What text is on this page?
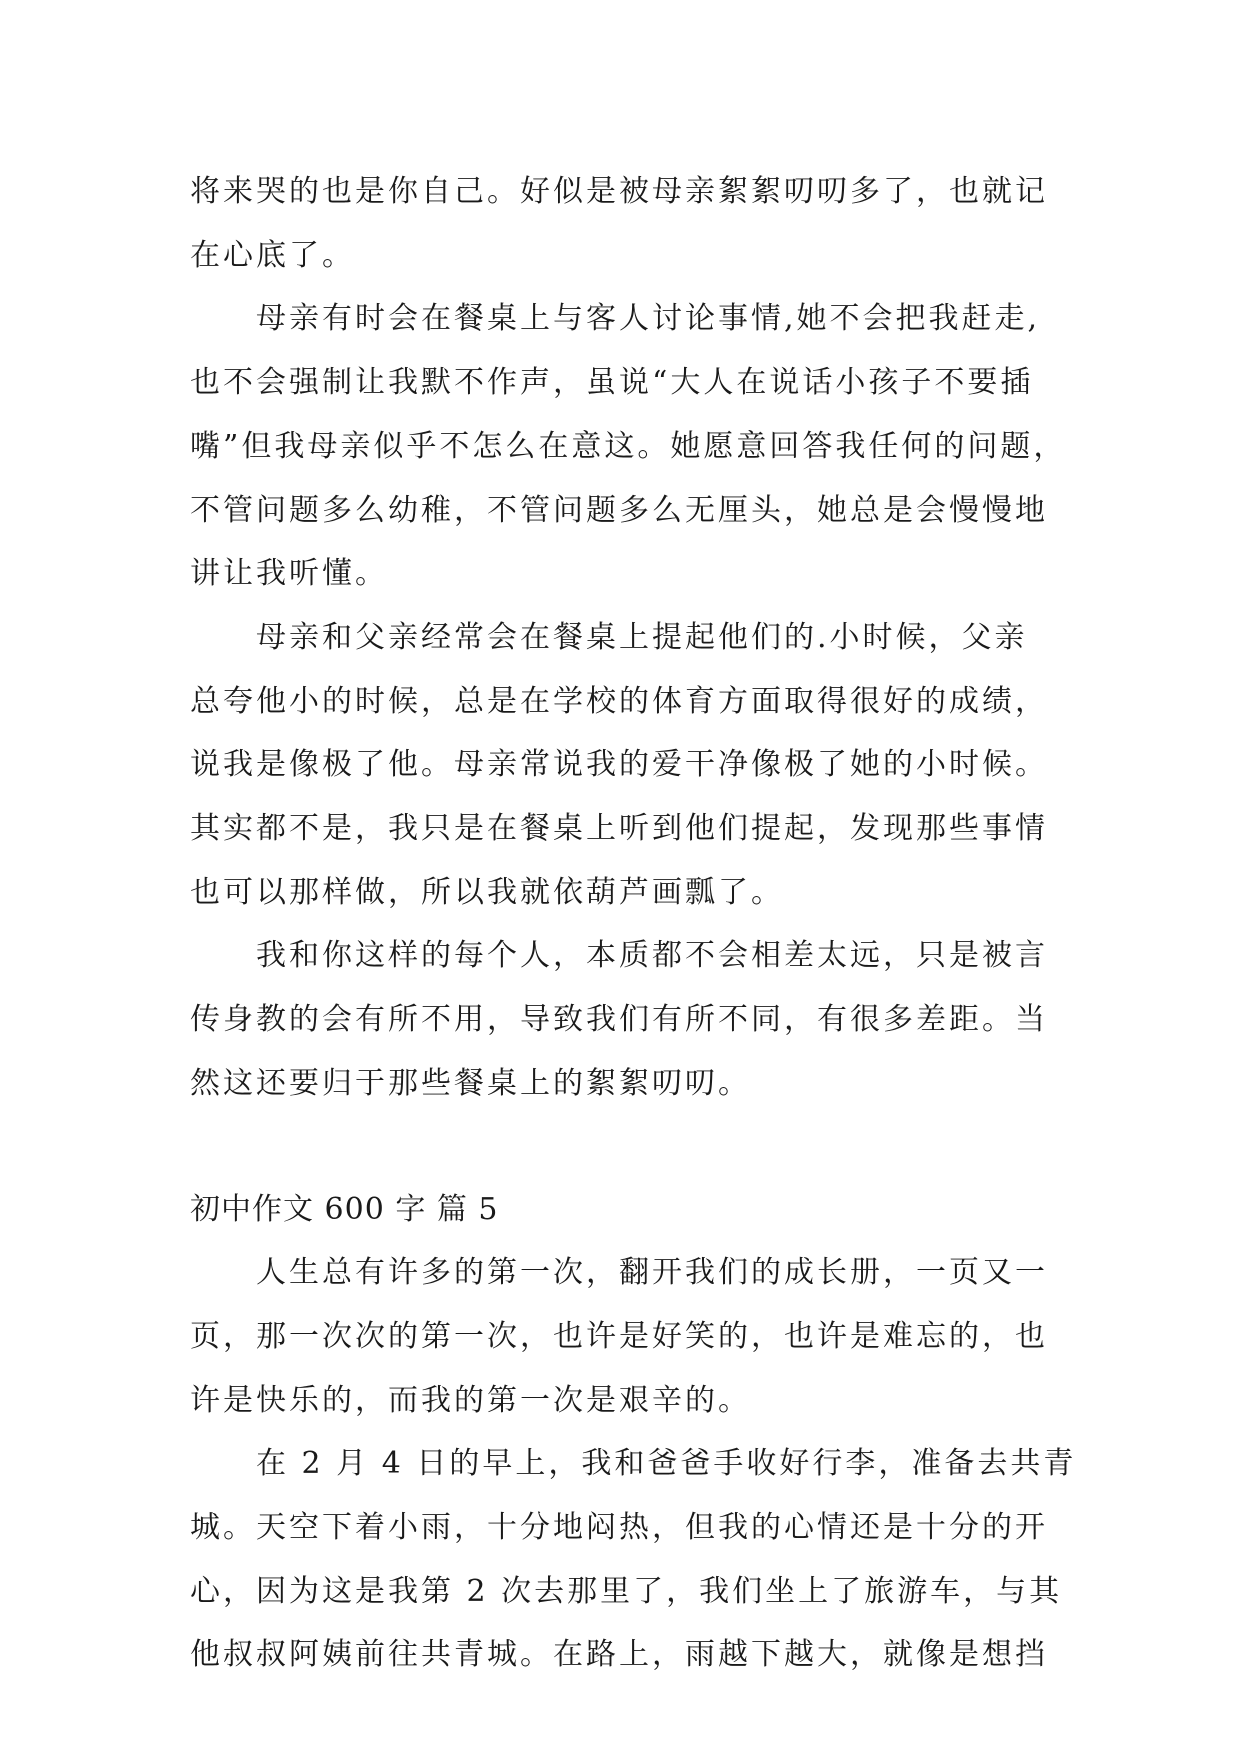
将来哭的也是你自己。好似是被母亲絮絮叨叨多了，也就记
在心底了。
母亲有时会在餐桌上与客人讨论事情,她不会把我赶走,
也不会强制让我默不作声，虽说“大人在说话小孩子不要插
嘴”但我母亲似乎不怎么在意这。她愿意回答我任何的问题，
不管问题多么幼稚，不管问题多么无厘头，她总是会慢慢地
讲让我听懂。
母亲和父亲经常会在餐桌上提起他们的.小时候，父亲
总夸他小的时候，总是在学校的体育方面取得很好的成绩，
说我是像极了他。母亲常说我的爱干净像极了她的小时候。
其实都不是，我只是在餐桌上听到他们提起，发现那些事情
也可以那样做，所以我就依葫芦画瓢了。
我和你这样的每个人，本质都不会相差太远，只是被言
传身教的会有所不用，导致我们有所不同，有很多差距。当
然这还要归于那些餐桌上的絮絮叨叨。
初中作文 600 字 篇 5
人生总有许多的第一次，翻开我们的成长册，一页又一
页，那一次次的第一次，也许是好笑的，也许是难忘的，也
许是快乐的，而我的第一次是艰辛的。
在 2 月 4 日的早上，我和爸爸手收好行李，准备去共青
城。天空下着小雨，十分地闷热，但我的心情还是十分的开
心，因为这是我第 2 次去那里了，我们坐上了旅游车，与其
他叔叔阿姨前往共青城。在路上，雨越下越大，就像是想挡
